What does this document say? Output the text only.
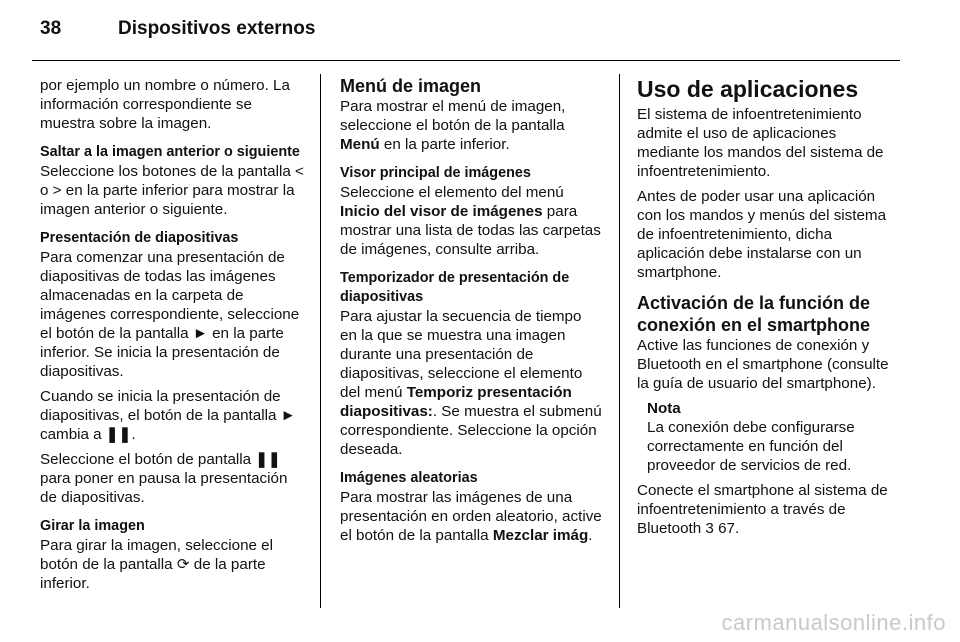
38	Dispositivos externos

por ejemplo un nombre o número. La información correspondiente se muestra sobre la imagen.

Saltar a la imagen anterior o siguiente

Seleccione los botones de la pantalla < o > en la parte inferior para mostrar la imagen anterior o siguiente.

Presentación de diapositivas

Para comenzar una presentación de diapositivas de todas las imágenes almacenadas en la carpeta de imágenes correspondiente, seleccione el botón de la pantalla ► en la parte inferior. Se inicia la presentación de diapositivas.

Cuando se inicia la presentación de diapositivas, el botón de la pantalla ► cambia a ❚❚.

Seleccione el botón de pantalla ❚❚ para poner en pausa la presentación de diapositivas.

Girar la imagen

Para girar la imagen, seleccione el botón de la pantalla ⟳ de la parte inferior.

Menú de imagen

Para mostrar el menú de imagen, seleccione el botón de la pantalla Menú en la parte inferior.

Visor principal de imágenes

Seleccione el elemento del menú Inicio del visor de imágenes para mostrar una lista de todas las carpetas de imágenes, consulte arriba.

Temporizador de presentación de diapositivas

Para ajustar la secuencia de tiempo en la que se muestra una imagen durante una presentación de diapositivas, seleccione el elemento del menú Temporiz presentación diapositivas:. Se muestra el submenú correspondiente. Seleccione la opción deseada.

Imágenes aleatorias

Para mostrar las imágenes de una presentación en orden aleatorio, active el botón de la pantalla Mezclar imág.

Uso de aplicaciones

El sistema de infoentretenimiento admite el uso de aplicaciones mediante los mandos del sistema de infoentretenimiento.

Antes de poder usar una aplicación con los mandos y menús del sistema de infoentretenimiento, dicha aplicación debe instalarse con un smartphone.

Activación de la función de conexión en el smartphone

Active las funciones de conexión y Bluetooth en el smartphone (consulte la guía de usuario del smartphone).

Nota

La conexión debe configurarse correctamente en función del proveedor de servicios de red.

Conecte el smartphone al sistema de infoentretenimiento a través de Bluetooth 3 67.

carmanualsonline.info
